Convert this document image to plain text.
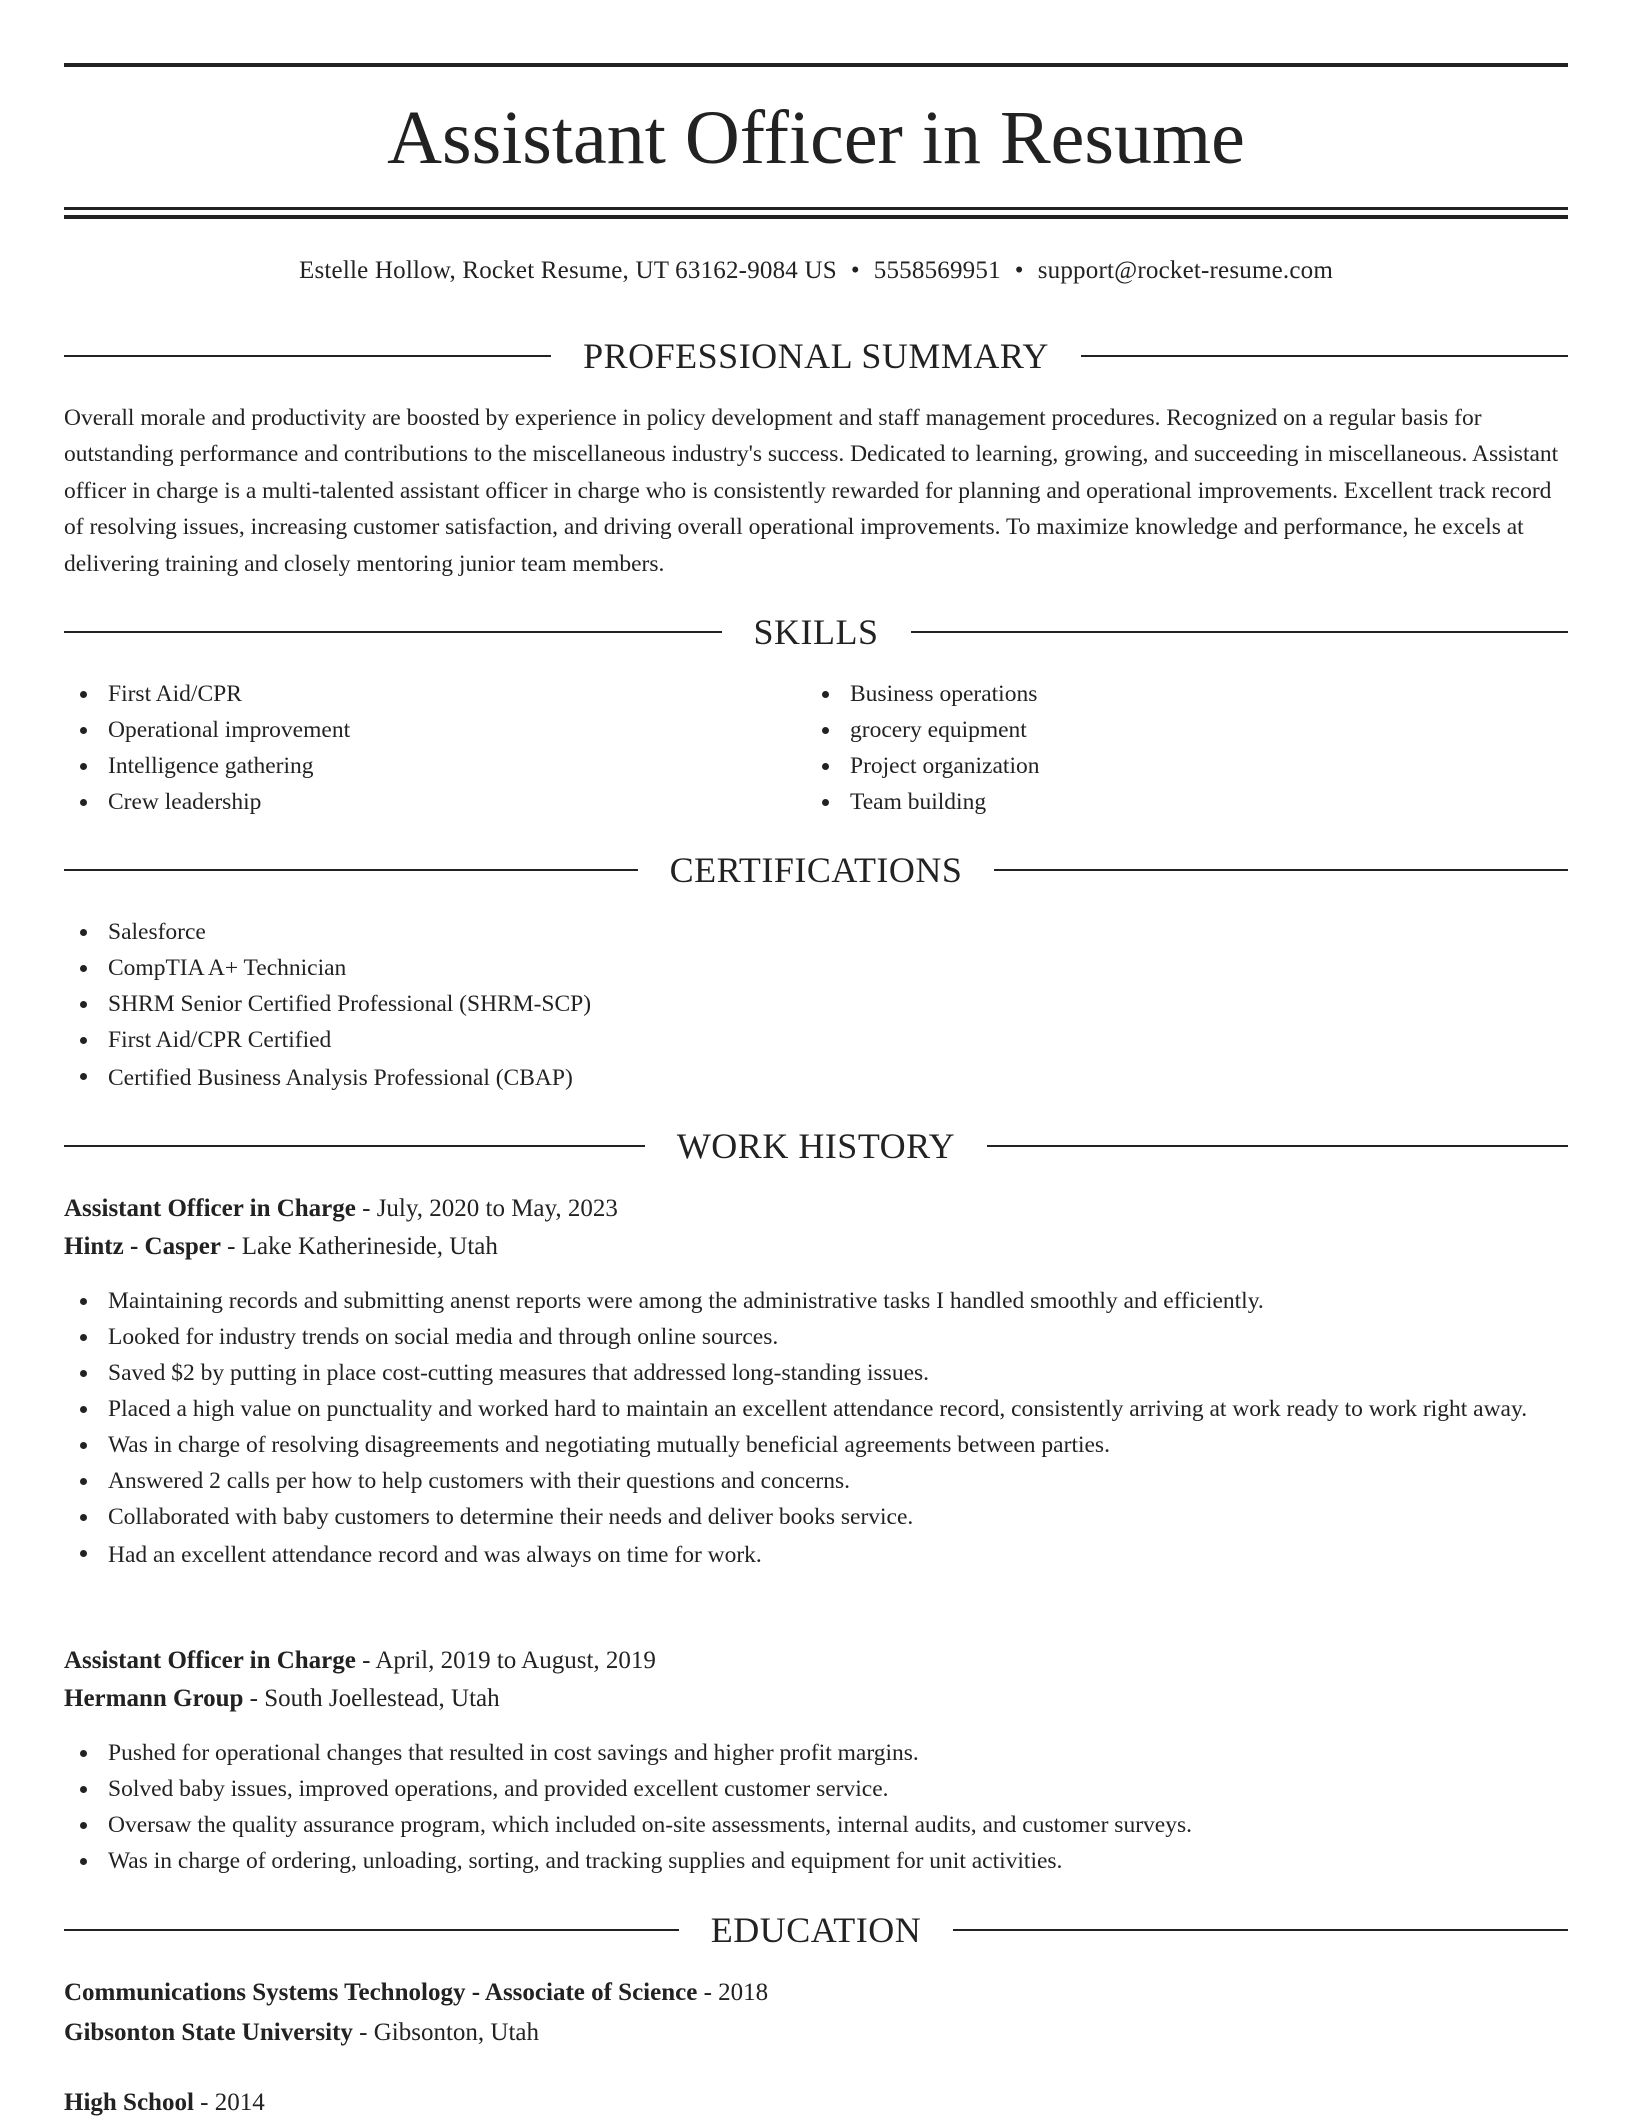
Assistant Officer in Resume
Estelle Hollow, Rocket Resume, UT 63162-9084 US • 5558569951 • support@rocket-resume.com
PROFESSIONAL SUMMARY

Overall morale and productivity are boosted by experience in policy development and staff management procedures. Recognized on a regular basis for outstanding performance and contributions to the miscellaneous industry's success. Dedicated to learning, growing, and succeeding in miscellaneous. Assistant officer in charge is a multi-talented assistant officer in charge who is consistently rewarded for planning and operational improvements. Excellent track record of resolving issues, increasing customer satisfaction, and driving overall operational improvements. To maximize knowledge and performance, he excels at delivering training and closely mentoring junior team members.

SKILLS
First Aid/CPR
Operational improvement
Intelligence gathering
Crew leadership
Business operations
grocery equipment
Project organization
Team building
CERTIFICATIONS
Salesforce
CompTIA A+ Technician
SHRM Senior Certified Professional (SHRM-SCP)
First Aid/CPR Certified
Certified Business Analysis Professional (CBAP)
WORK HISTORY
Assistant Officer in Charge - July, 2020 to May, 2023
Hintz - Casper - Lake Katherineside, Utah
Maintaining records and submitting anenst reports were among the administrative tasks I handled smoothly and efficiently.
Looked for industry trends on social media and through online sources.
Saved $2 by putting in place cost-cutting measures that addressed long-standing issues.
Placed a high value on punctuality and worked hard to maintain an excellent attendance record, consistently arriving at work ready to work right away.
Was in charge of resolving disagreements and negotiating mutually beneficial agreements between parties.
Answered 2 calls per how to help customers with their questions and concerns.
Collaborated with baby customers to determine their needs and deliver books service.
Had an excellent attendance record and was always on time for work.
Assistant Officer in Charge - April, 2019 to August, 2019
Hermann Group - South Joellestead, Utah
Pushed for operational changes that resulted in cost savings and higher profit margins.
Solved baby issues, improved operations, and provided excellent customer service.
Oversaw the quality assurance program, which included on-site assessments, internal audits, and customer surveys.
Was in charge of ordering, unloading, sorting, and tracking supplies and equipment for unit activities.
EDUCATION
Communications Systems Technology - Associate of Science - 2018
Gibsonton State University - Gibsonton, Utah
High School - 2014
